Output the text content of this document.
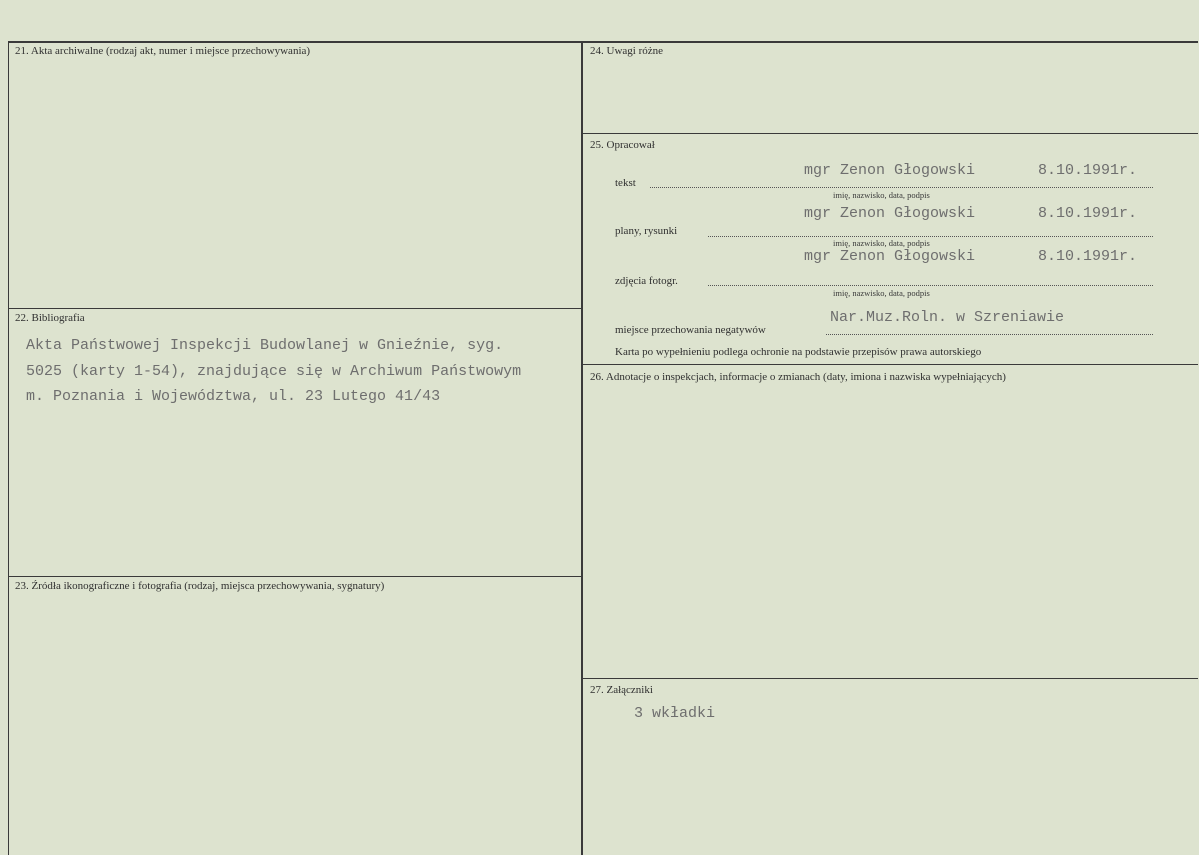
21. Akta archiwalne (rodzaj akt, numer i miejsce przechowywania)
22. Bibliografia
Akta Państwowej Inspekcji Budowlanej w Gnieźnie, syg.
5025 (karty 1-54), znajdujące się w Archiwum Państwowym
m. Poznania i Województwa, ul. 23 Lutego 41/43
23. Źródła ikonograficzne i fotografia (rodzaj, miejsca przechowywania, sygnatury)
24. Uwagi różne
25. Opracował
mgr Zenon Głogowski	8.10.1991r.
tekst
imię, nazwisko, data, podpis
mgr Zenon Głogowski	8.10.1991r.
plany, rysunki
imię, nazwisko, data, podpis
mgr Zenon Głogowski	8.10.1991r.
zdjęcia fotogr.
imię, nazwisko, data, podpis
Nar.Muz.Roln. w Szreniawie
miejsce przechowania negatywów
Karta po wypełnieniu podlega ochronie na podstawie przepisów prawa autorskiego
26. Adnotacje o inspekcjach, informacje o zmianach (daty, imiona i nazwiska wypełniających)
27. Załączniki
3 wkładki
